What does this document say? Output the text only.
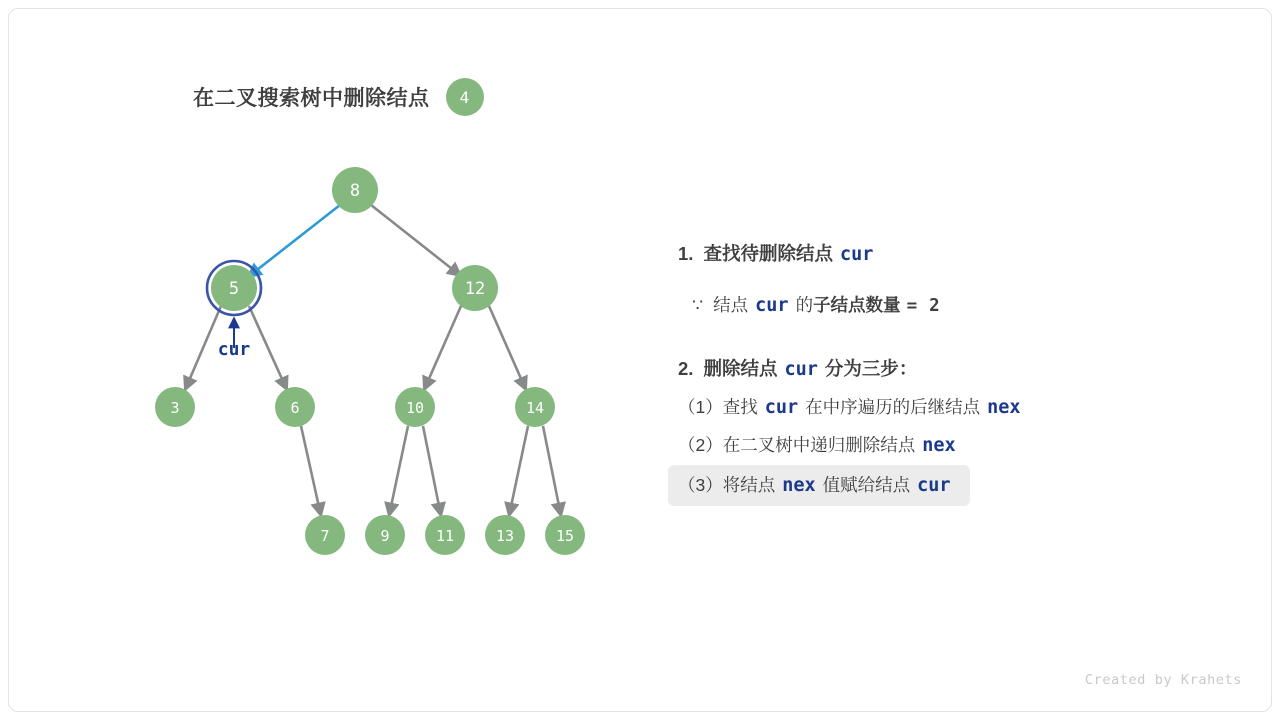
在二叉搜索树中删除结点	4
cur
8
5	12
3	6	10	14
7	9	11	13	15
1. 查找待删除结点 cur
∵ 结点 cur 的 子结点数量 = 2
2. 删除结点 cur 分为三步：
（1） 查找 cur 在中序遍历的后继结点 nex
（2） 在二叉树中递归删除结点 nex
（3） 将结点 nex 值赋给结点 cur
Created by Krahets
